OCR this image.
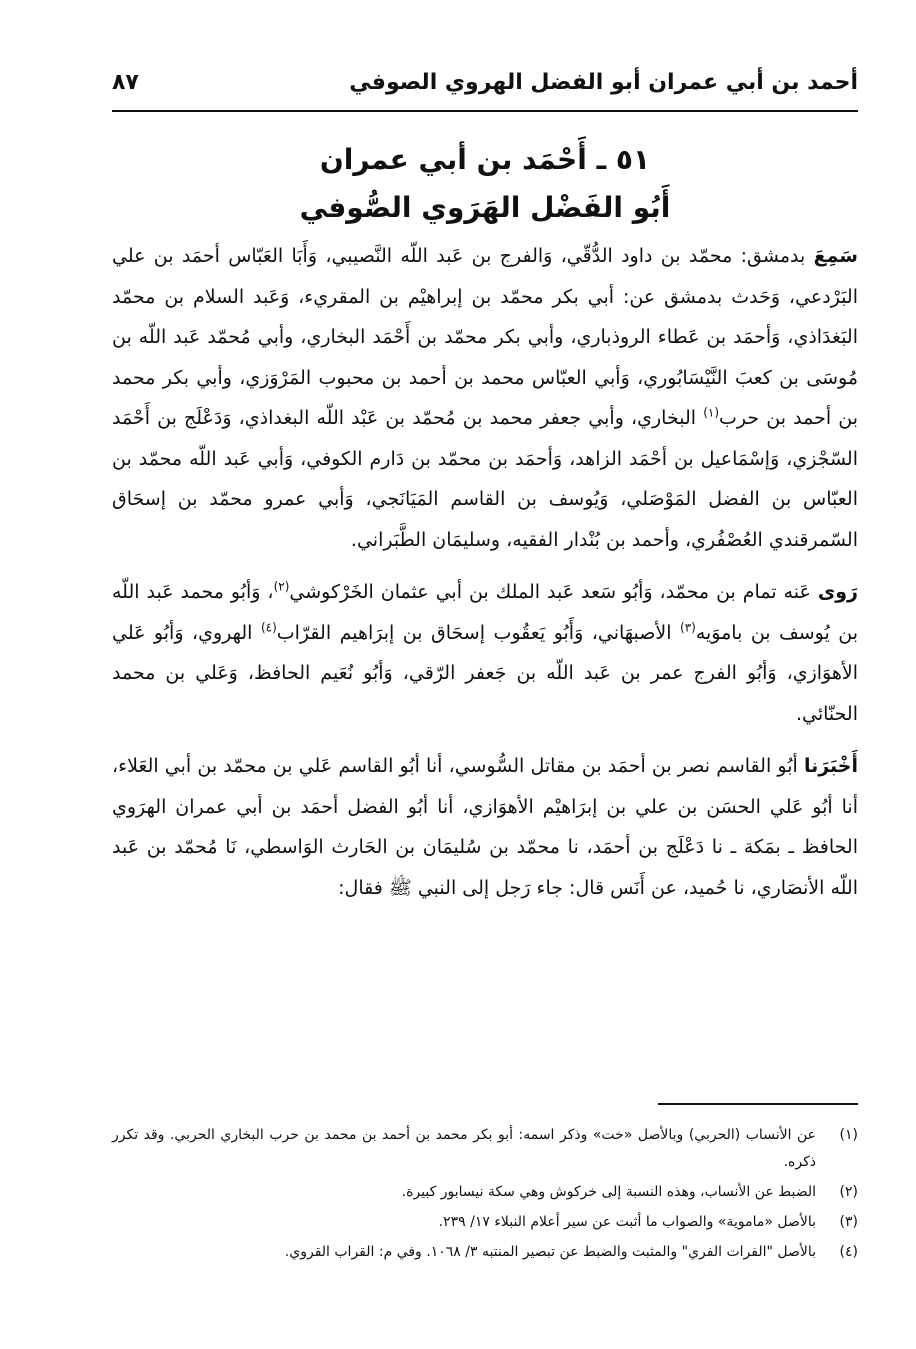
أحمد بن أبي عمران أبو الفضل الهروي الصوفي
٨٧
٥١ ـ أَحْمَد بن أبي عمران
أَبُو الفَضْل الهَرَوي الصُّوفي

سَمِعَ بدمشق: محمّد بن داود الدُّقّي، وَالفرج بن عَبد اللّه النَّصيبي، وَأَبَا العَبّاس أحمَد بن علي البَرْدعي، وَحَدث بدمشق عن: أبي بكر محمّد بن إبراهيْم بن المقريء، وَعَبد السلام بن محمّد البَغدَاذي، وَأحمَد بن عَطاء الروذباري، وأبي بكر محمّد بن أَحْمَد البخاري، وأبي مُحمّد عَبد اللّه بن مُوسَى بن كعبَ النَّيْسَابُوري، وَأبي العبّاس محمد بن أحمد بن محبوب المَرْوَزي، وأبي بكر محمد بن أحمد بن حرب$^{(١)}$ البخاري، وأبي جعفر محمد بن مُحمّد بن عَبْد اللّه البغداذي، وَدَعْلَج بن أَحْمَد السّجْزي، وَإسْمَاعيل بن أحْمَد الزاهد، وَأحمَد بن محمّد بن دَارم الكوفي، وَأبي عَبد اللّه محمّد بن العبّاس بن الفضل المَوْصَلي، وَيُوسف بن القاسم المَيَانَجي، وَأبي عمرو محمّد بن إسحَاق السّمرقندي العُصْفُري، وأحمد بن بُنْدار الفقيه، وسليمَان الطَّبَراني.

رَوى عَنه تمام بن محمّد، وَأبُو سَعد عَبد الملك بن أبي عثمان الخَرْكوشي$^{(٢)}$، وَأبُو محمد عَبد اللّه بن يُوسف بن باموَيه$^{(٣)}$ الأصبهَاني، وَأَبُو يَعقُوب إسحَاق بن إبرَاهيم القرّاب$^{(٤)}$ الهروي، وَأبُو عَلي الأهوَازي، وَأبُو الفرج عمر بن عَبد اللّه بن جَعفر الرّقي، وَأبُو نُعَيم الحافظ، وَعَلي بن محمد الحنّائي.

أَخْبَرَنا أبُو القاسم نصر بن أحمَد بن مقاتل السُّوسي، أنا أبُو القاسم عَلي بن محمّد بن أبي العَلاء، أنا أبُو عَلي الحسَن بن علي بن إبرَاهيْم الأهوَازي، أنا أبُو الفضل أحمَد بن أبي عمران الهرَوي الحافظ ـ بمَكة ـ نا دَعْلَج بن أحمَد، نا محمّد بن سُليمَان بن الحَارث الوَاسطي، نَا مُحمّد بن عَبد اللّه الأنصَاري، نا حُميد، عن أَنَس قال: جاء رَجل إلى النبي ﷺ فقال:

(١)
عن الأنساب (الحربي) وبالأصل «خت» وذكر اسمه: أبو بكر محمد بن أحمد بن محمد بن حرب البخاري الحربي. وقد تكرر ذكره.
(٢)
الضبط عن الأنساب، وهذه النسبة إلى خركوش وهي سكة نيسابور كبيرة.
(٣)
بالأصل «ماموية» والصواب ما أثبت عن سير أعلام النبلاء ١٧/ ٢٣٩.
(٤)
بالأصل "الفرات الفري" والمثبت والضبط عن تبصير المنتبه ٣/ ١٠٦٨. وفي م: القراب القروي.
